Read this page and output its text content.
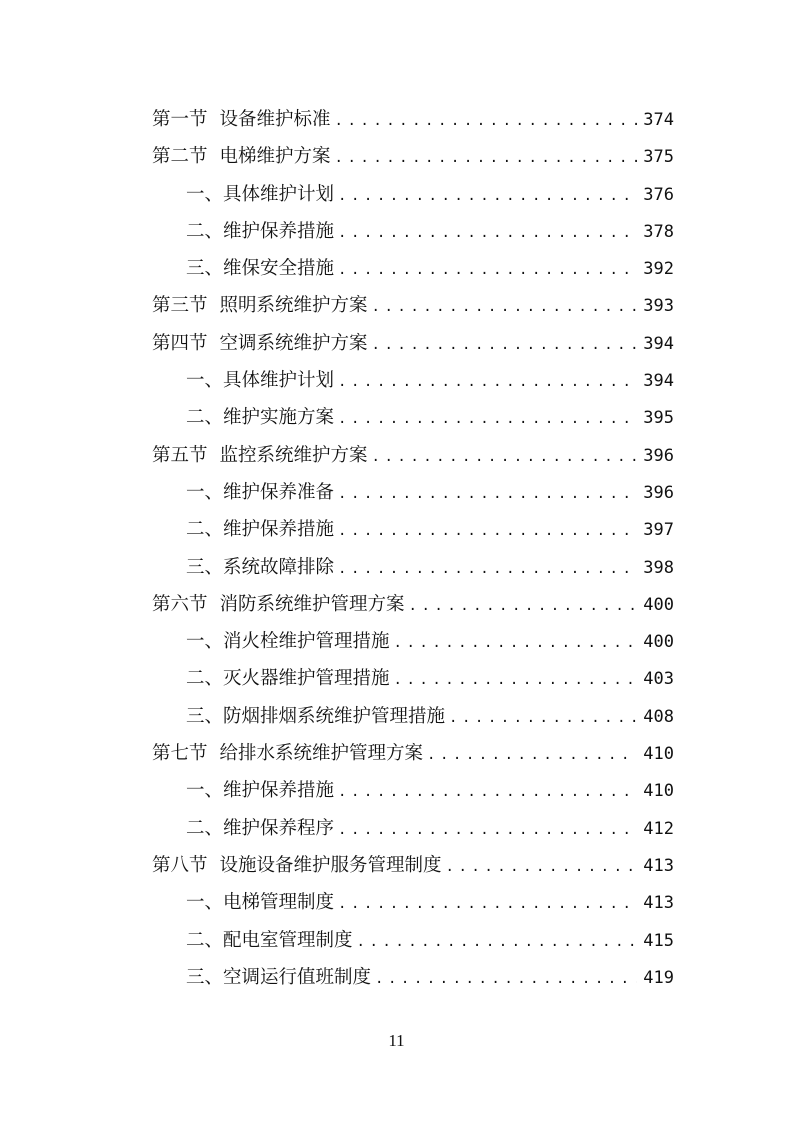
第一节 设备维护标准 .....	374
第二节 电梯维护方案 .....	375
一、 具体维护计划 .....	376
二、 维护保养措施 .....	378
三、 维保安全措施 .....	392
第三节 照明系统维护方案 .....	393
第四节 空调系统维护方案 .....	394
一、 具体维护计划 .....	394
二、 维护实施方案 .....	395
第五节 监控系统维护方案 .....	396
一、 维护保养准备 .....	396
二、 维护保养措施 .....	397
三、 系统故障排除 .....	398
第六节 消防系统维护管理方案 .....	400
一、 消火栓维护管理措施 .....	400
二、 灭火器维护管理措施 .....	403
三、 防烟排烟系统维护管理措施 .....	408
第七节 给排水系统维护管理方案 .....	410
一、 维护保养措施 .....	410
二、 维护保养程序 .....	412
第八节 设施设备维护服务管理制度 .....	413
一、 电梯管理制度 .....	413
二、 配电室管理制度 .....	415
三、 空调运行值班制度 .....	419
11
